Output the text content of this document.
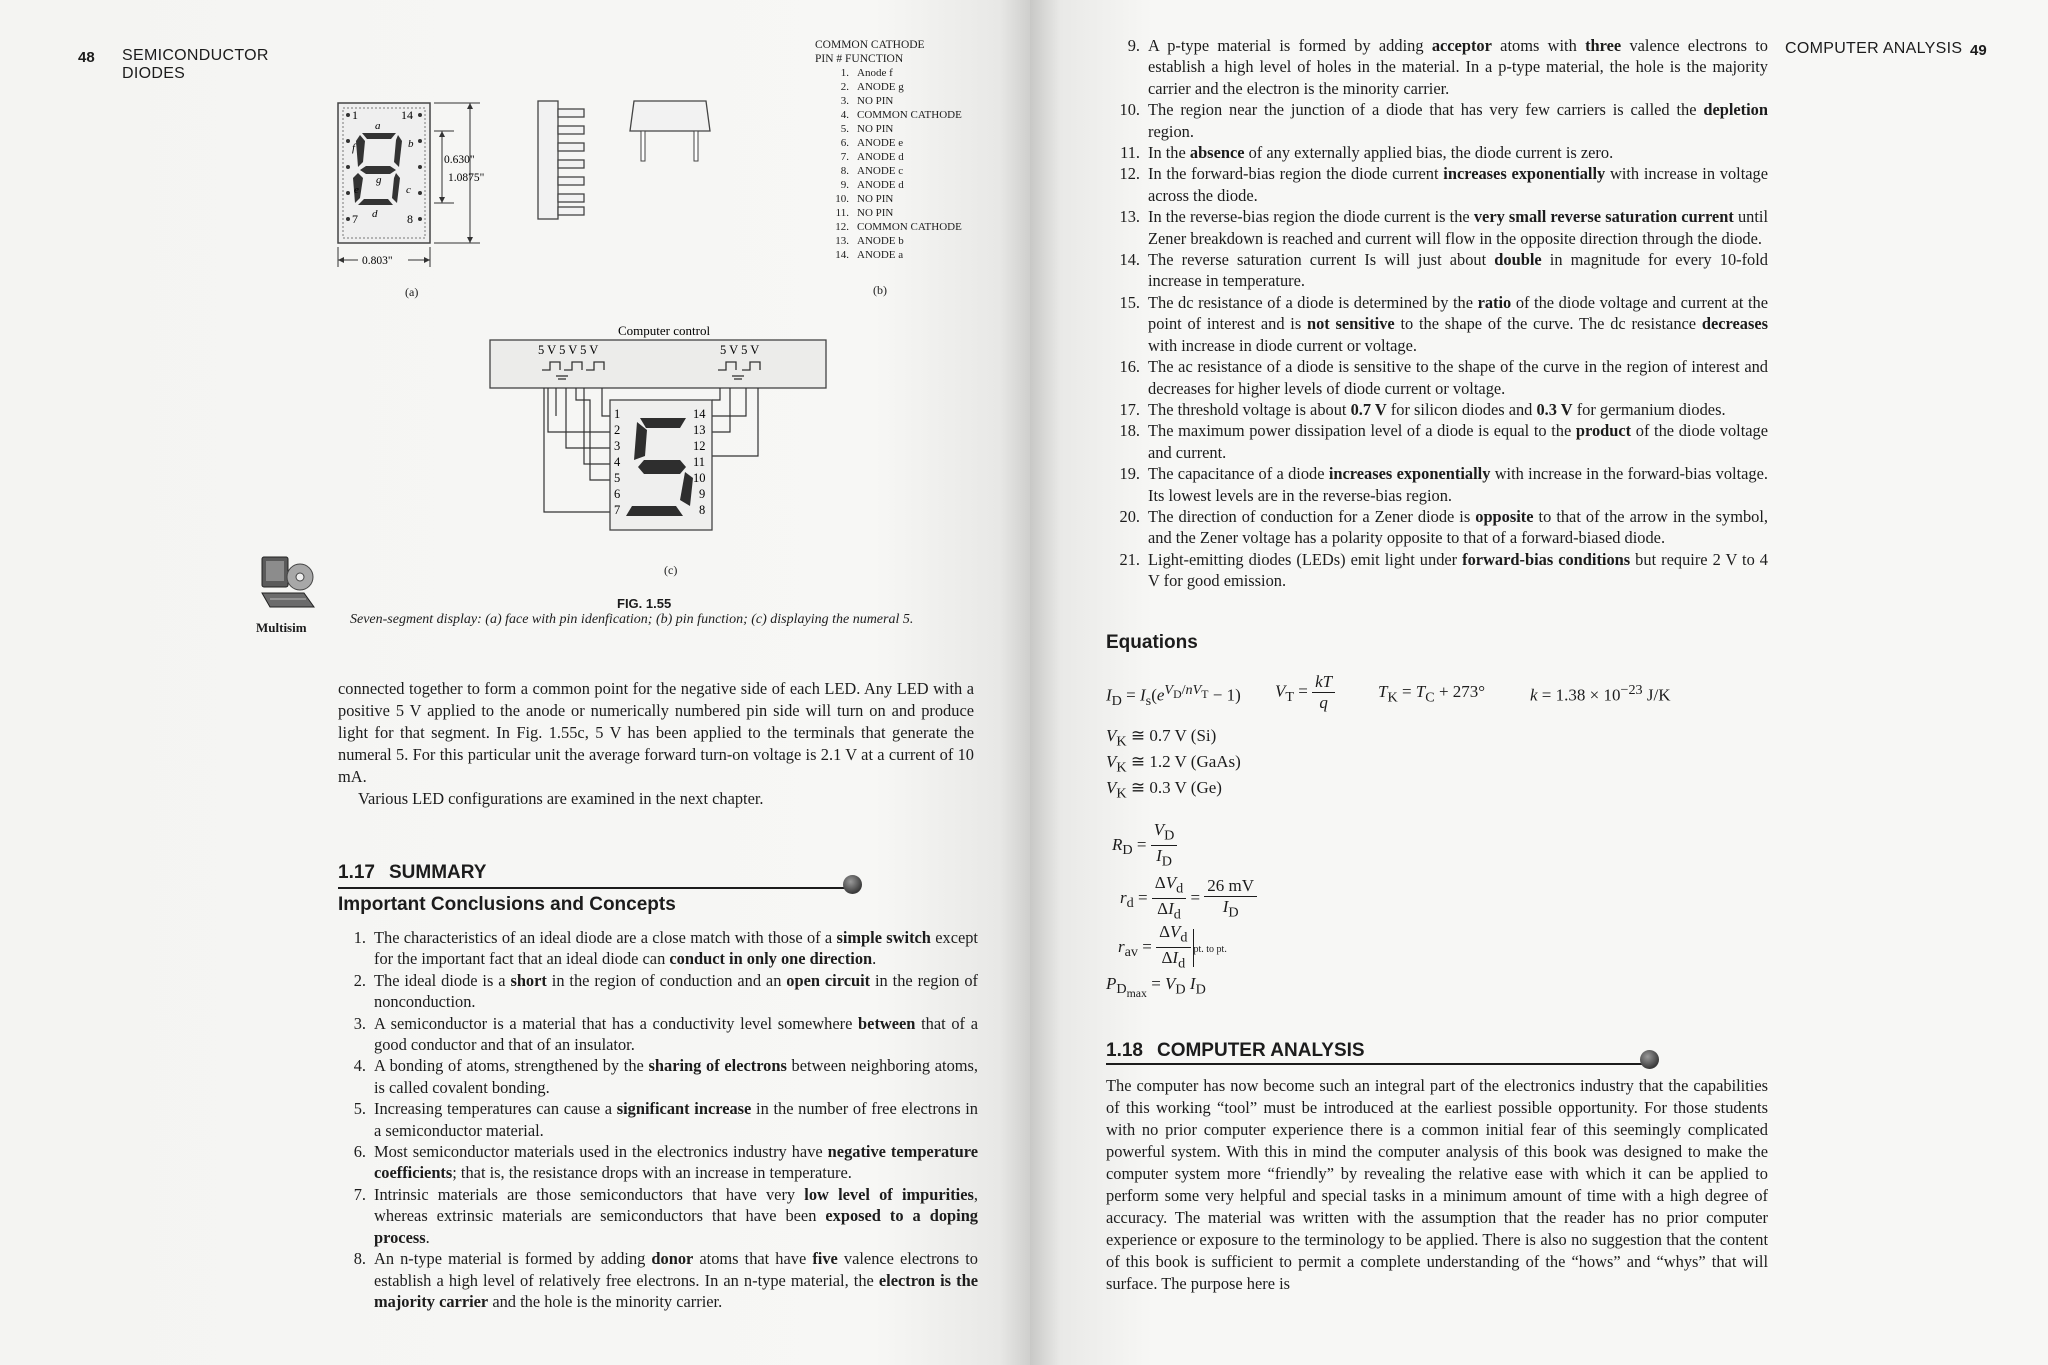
48 SEMICONDUCTOR
DIODES
1	14
7	8
a
b
c
d
e
f
g
0.630"
1.0875"
0.803"
(a)
COMMON CATHODE
PIN # FUNCTION
1. Anode f
2. ANODE g
3. NO PIN
4. COMMON CATHODE
5. NO PIN
6. ANODE e
7. ANODE d
8. ANODE c
9. ANODE d
10. NO PIN
11. NO PIN
12. COMMON CATHODE
13. ANODE b
14. ANODE a
(b)
Computer control
5 V 5 V 5 V	5 V 5 V
1
2
3
4
5
6
7
14
13
12
11
10
9
8
(c)
Multisim
FIG. 1.55
Seven-segment display: (a) face with pin idenfication; (b) pin function; (c) displaying the numeral 5.

connected together to form a common point for the negative side of each LED. Any LED with a positive 5 V applied to the anode or numerically numbered pin side will turn on and produce light for that segment. In Fig. 1.55c, 5 V has been applied to the terminals that generate the numeral 5. For this particular unit the average forward turn-on voltage is 2.1 V at a current of 10 mA.

Various LED configurations are examined in the next chapter.

1.17 SUMMARY
Important Conclusions and Concepts
1. The characteristics of an ideal diode are a close match with those of a simple switch except for the important fact that an ideal diode can conduct in only one direction.
2. The ideal diode is a short in the region of conduction and an open circuit in the region of nonconduction.
3. A semiconductor is a material that has a conductivity level somewhere between that of a good conductor and that of an insulator.
4. A bonding of atoms, strengthened by the sharing of electrons between neighboring atoms, is called covalent bonding.
5. Increasing temperatures can cause a significant increase in the number of free electrons in a semiconductor material.
6. Most semiconductor materials used in the electronics industry have negative temperature coefficients; that is, the resistance drops with an increase in temperature.
7. Intrinsic materials are those semiconductors that have very low level of impurities, whereas extrinsic materials are semiconductors that have been exposed to a doping process.
8. An n-type material is formed by adding donor atoms that have five valence electrons to establish a high level of relatively free electrons. In an n-type material, the electron is the majority carrier and the hole is the minority carrier.
COMPUTER ANALYSIS 49
9. A p-type material is formed by adding acceptor atoms with three valence electrons to establish a high level of holes in the material. In a p-type material, the hole is the majority carrier and the electron is the minority carrier.
10. The region near the junction of a diode that has very few carriers is called the depletion region.
11. In the absence of any externally applied bias, the diode current is zero.
12. In the forward-bias region the diode current increases exponentially with increase in voltage across the diode.
13. In the reverse-bias region the diode current is the very small reverse saturation current until Zener breakdown is reached and current will flow in the opposite direction through the diode.
14. The reverse saturation current Is will just about double in magnitude for every 10-fold increase in temperature.
15. The dc resistance of a diode is determined by the ratio of the diode voltage and current at the point of interest and is not sensitive to the shape of the curve. The dc resistance decreases with increase in diode current or voltage.
16. The ac resistance of a diode is sensitive to the shape of the curve in the region of interest and decreases for higher levels of diode current or voltage.
17. The threshold voltage is about 0.7 V for silicon diodes and 0.3 V for germanium diodes.
18. The maximum power dissipation level of a diode is equal to the product of the diode voltage and current.
19. The capacitance of a diode increases exponentially with increase in the forward-bias voltage. Its lowest levels are in the reverse-bias region.
20. The direction of conduction for a Zener diode is opposite to that of the arrow in the symbol, and the Zener voltage has a polarity opposite to that of a forward-biased diode.
21. Light-emitting diodes (LEDs) emit light under forward-bias conditions but require 2 V to 4 V for good emission.
Equations
$I_D = I_s(e^{V_D/nV_T} - 1) V_T = \frac{kT}{q}$	$T_K = T_C + 273^\circ$	$k = 1.38 \times 10^{-23}$ J/K
$V_K$ ≅ 0.7 V (Si)
$V_K$ ≅ 1.2 V (GaAs)
$V_K$ ≅ 0.3 V (Ge)
$R_D = \frac{V_D}{I_D}$
$r_d = \frac{\Delta V_d}{\Delta I_d} = \frac{26 mV}{I_D}$
$r_{av} = \frac{\Delta V_d}{\Delta I_d}$ pt. to pt.
$P_{D_{max}} = V_D$ $I_D$
1.18 COMPUTER ANALYSIS
The computer has now become such an integral part of the electronics industry that the capabilities of this working “tool” must be introduced at the earliest possible opportunity. For those students with no prior computer experience there is a common initial fear of this seemingly complicated powerful system. With this in mind the computer analysis of this book was designed to make the computer system more “friendly” by revealing the relative ease with which it can be applied to perform some very helpful and special tasks in a minimum amount of time with a high degree of accuracy. The material was written with the assumption that the reader has no prior computer experience or exposure to the terminology to be applied. There is also no suggestion that the content of this book is sufficient to permit a complete understanding of the “hows” and “whys” that will surface. The purpose here is
